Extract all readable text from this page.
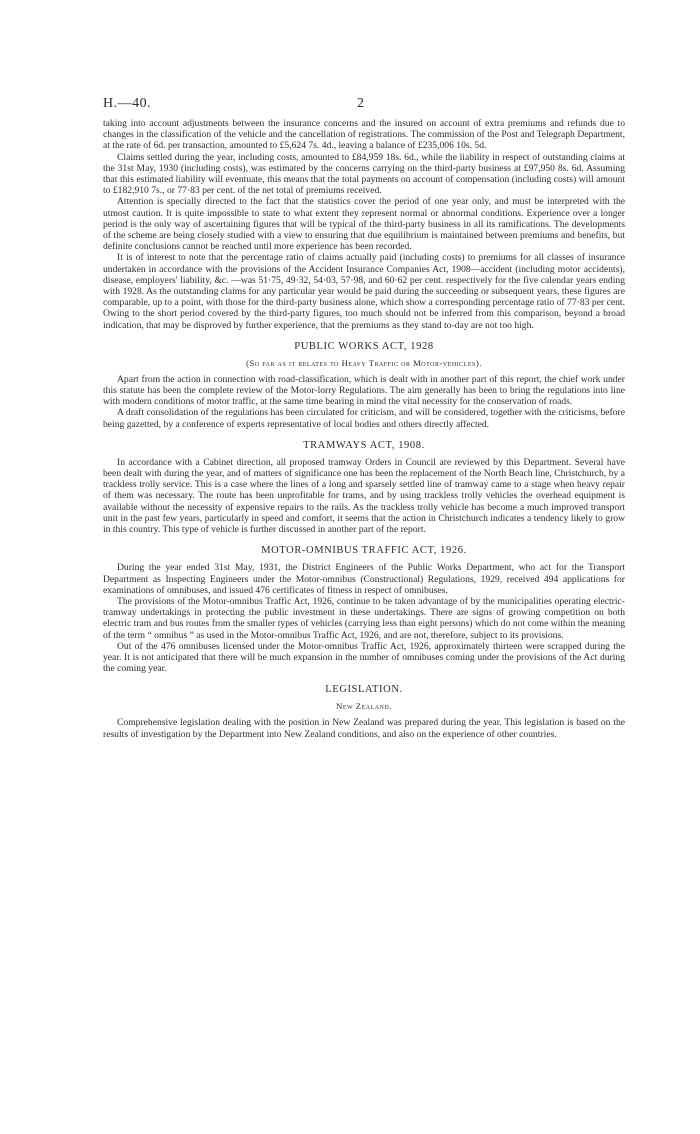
H.—40.	2

taking into account adjustments between the insurance concerns and the insured on account of extra premiums and refunds due to changes in the classification of the vehicle and the cancellation of registrations. The commission of the Post and Telegraph Department, at the rate of 6d. per transaction, amounted to £5,624 7s. 4d., leaving a balance of £235,006 10s. 5d.

Claims settled during the year, including costs, amounted to £84,959 18s. 6d., while the liability in respect of outstanding claims at the 31st May, 1930 (including costs), was estimated by the concerns carrying on the third-party business at £97,950 8s. 6d. Assuming that this estimated liability will eventuate, this means that the total payments on account of compensation (including costs) will amount to £182,910 7s., or 77·83 per cent. of the net total of premiums received.

Attention is specially directed to the fact that the statistics cover the period of one year only, and must be interpreted with the utmost caution. It is quite impossible to state to what extent they represent normal or abnormal conditions. Experience over a longer period is the only way of ascertaining figures that will be typical of the third-party business in all its ramifications. The developments of the scheme are being closely studied with a view to ensuring that due equilibrium is maintained between premiums and benefits, but definite conclusions cannot be reached until more experience has been recorded.

It is of interest to note that the percentage ratio of claims actually paid (including costs) to premiums for all classes of insurance undertaken in accordance with the provisions of the Accident Insurance Companies Act, 1908—accident (including motor accidents), disease, employers' liability, &c. —was 51·75, 49·32, 54·03, 57·98, and 60·62 per cent. respectively for the five calendar years ending with 1928. As the outstanding claims for any particular year would be paid during the succeeding or subsequent years, these figures are comparable, up to a point, with those for the third-party business alone, which show a corresponding percentage ratio of 77·83 per cent. Owing to the short period covered by the third-party figures, too much should not be inferred from this comparison, beyond a broad indication, that may be disproved by further experience, that the premiums as they stand to-day are not too high.

PUBLIC WORKS ACT, 1928
(So far as it relates to Heavy Traffic or Motor-vehicles).

Apart from the action in connection with road-classification, which is dealt with in another part of this report, the chief work under this statute has been the complete review of the Motor-lorry Regulations. The aim generally has been to bring the regulations into line with modern conditions of motor traffic, at the same time bearing in mind the vital necessity for the conservation of roads.

A draft consolidation of the regulations has been circulated for criticism, and will be considered, together with the criticisms, before being gazetted, by a conference of experts representative of local bodies and others directly affected.

TRAMWAYS ACT, 1908.

In accordance with a Cabinet direction, all proposed tramway Orders in Council are reviewed by this Department. Several have been dealt with during the year, and of matters of significance one has been the replacement of the North Beach line, Christchurch, by a trackless trolly service. This is a case where the lines of a long and sparsely settled line of tramway came to a stage when heavy repair of them was necessary. The route has been unprofitable for trams, and by using trackless trolly vehicles the overhead equipment is available without the necessity of expensive repairs to the rails. As the trackless trolly vehicle has become a much improved transport unit in the past few years, particularly in speed and comfort, it seems that the action in Christchurch indicates a tendency likely to grow in this country. This type of vehicle is further discussed in another part of the report.

MOTOR-OMNIBUS TRAFFIC ACT, 1926.

During the year ended 31st May, 1931, the District Engineers of the Public Works Department, who act for the Transport Department as Inspecting Engineers under the Motor-omnibus (Constructional) Regulations, 1929, received 494 applications for examinations of omnibuses, and issued 476 certificates of fitness in respect of omnibuses.

The provisions of the Motor-omnibus Traffic Act, 1926, continue to be taken advantage of by the municipalities operating electric-tramway undertakings in protecting the public investment in these undertakings. There are signs of growing competition on both electric tram and bus routes from the smaller types of vehicles (carrying less than eight persons) which do not come within the meaning of the term “ omnibus ” as used in the Motor-omnibus Traffic Act, 1926, and are not, therefore, subject to its provisions.

Out of the 476 omnibuses licensed under the Motor-omnibus Traffic Act, 1926, approximately thirteen were scrapped during the year. It is not anticipated that there will be much expansion in the number of omnibuses coming under the provisions of the Act during the coming year.

LEGISLATION.
New Zealand.

Comprehensive legislation dealing with the position in New Zealand was prepared during the year. This legislation is based on the results of investigation by the Department into New Zealand conditions, and also on the experience of other countries.
